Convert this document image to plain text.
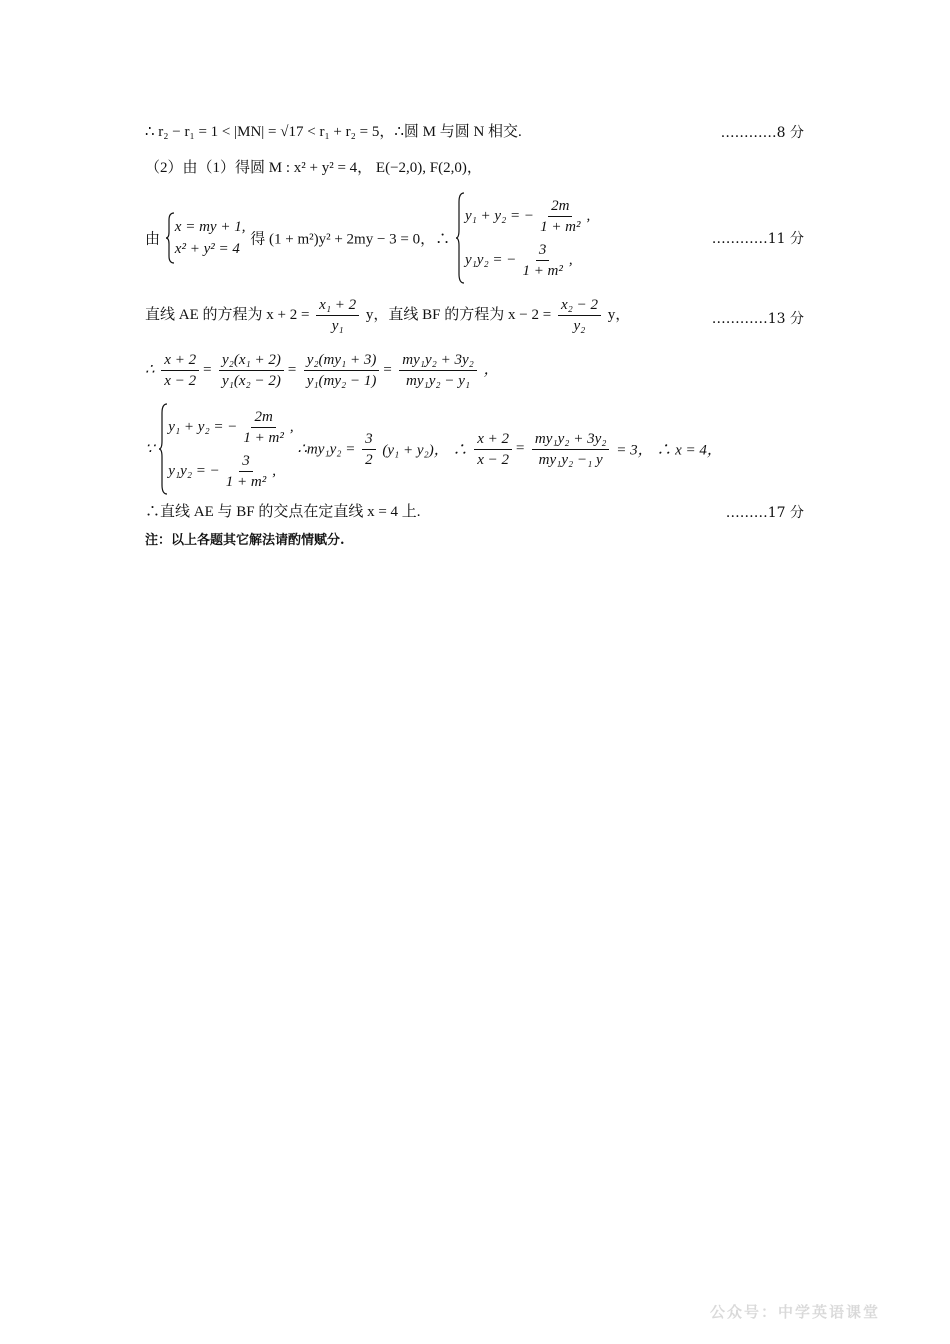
∴ r₂ − r₁ = 1 < |MN| = √17 < r₁ + r₂ = 5，∴圆 M 与圆 N 相交.	…………8 分
（2）由（1）得圆 M : x² + y² = 4， E(−2,0), F(2,0)，
由
x = my + 1,
x² + y² = 4
得 (1 + m²)y² + 2my − 3 = 0，∴
y₁ + y₂ = − $\frac{2m}{\text{1 + m²}}$ ,
y₁y₂ = − $\frac{3}{\text{1 + m²}}$ ,
…………11 分
直线 AE 的方程为 $x + 2 = \frac{\text{x₁ + 2}}{\text{y₁}}$ y，直线 BF 的方程为 $x - 2 = \frac{\text{x₂ − 2}}{\text{y₂}}$ y，	…………13 分
∴ $\frac{x + 2}{x - 2} = \frac{\text{y₂(x₁ + 2)}}{\text{y₁(x₂ − 2)}} = \frac{\text{y₂(my₁ + 3)}}{\text{y₁(my₂ − 1)}} = \frac{\text{my₁y₂ + 3y₂}}{\text{my₁y₂ − y₁}}$ ，
∵
y₁ + y₂ = − $\frac{2m}{\text{1 + m²}}$ ,
y₁y₂ = − $\frac{3}{\text{1 + m²}}$ ,
∴my₁y₂ = $\frac{3}{2} (y_1 + y_2)$， ∴ $\frac{x + 2}{x - 2} = \frac{\text{my₁y₂ + 3y₂}}{\text{my₁y₂ −₁ y}} = 3$， ∴ x = 4，
∴直线 AE 与 BF 的交点在定直线 x = 4 上.	………17 分
注：以上各题其它解法请酌情赋分.
公众号：中学英语课堂
